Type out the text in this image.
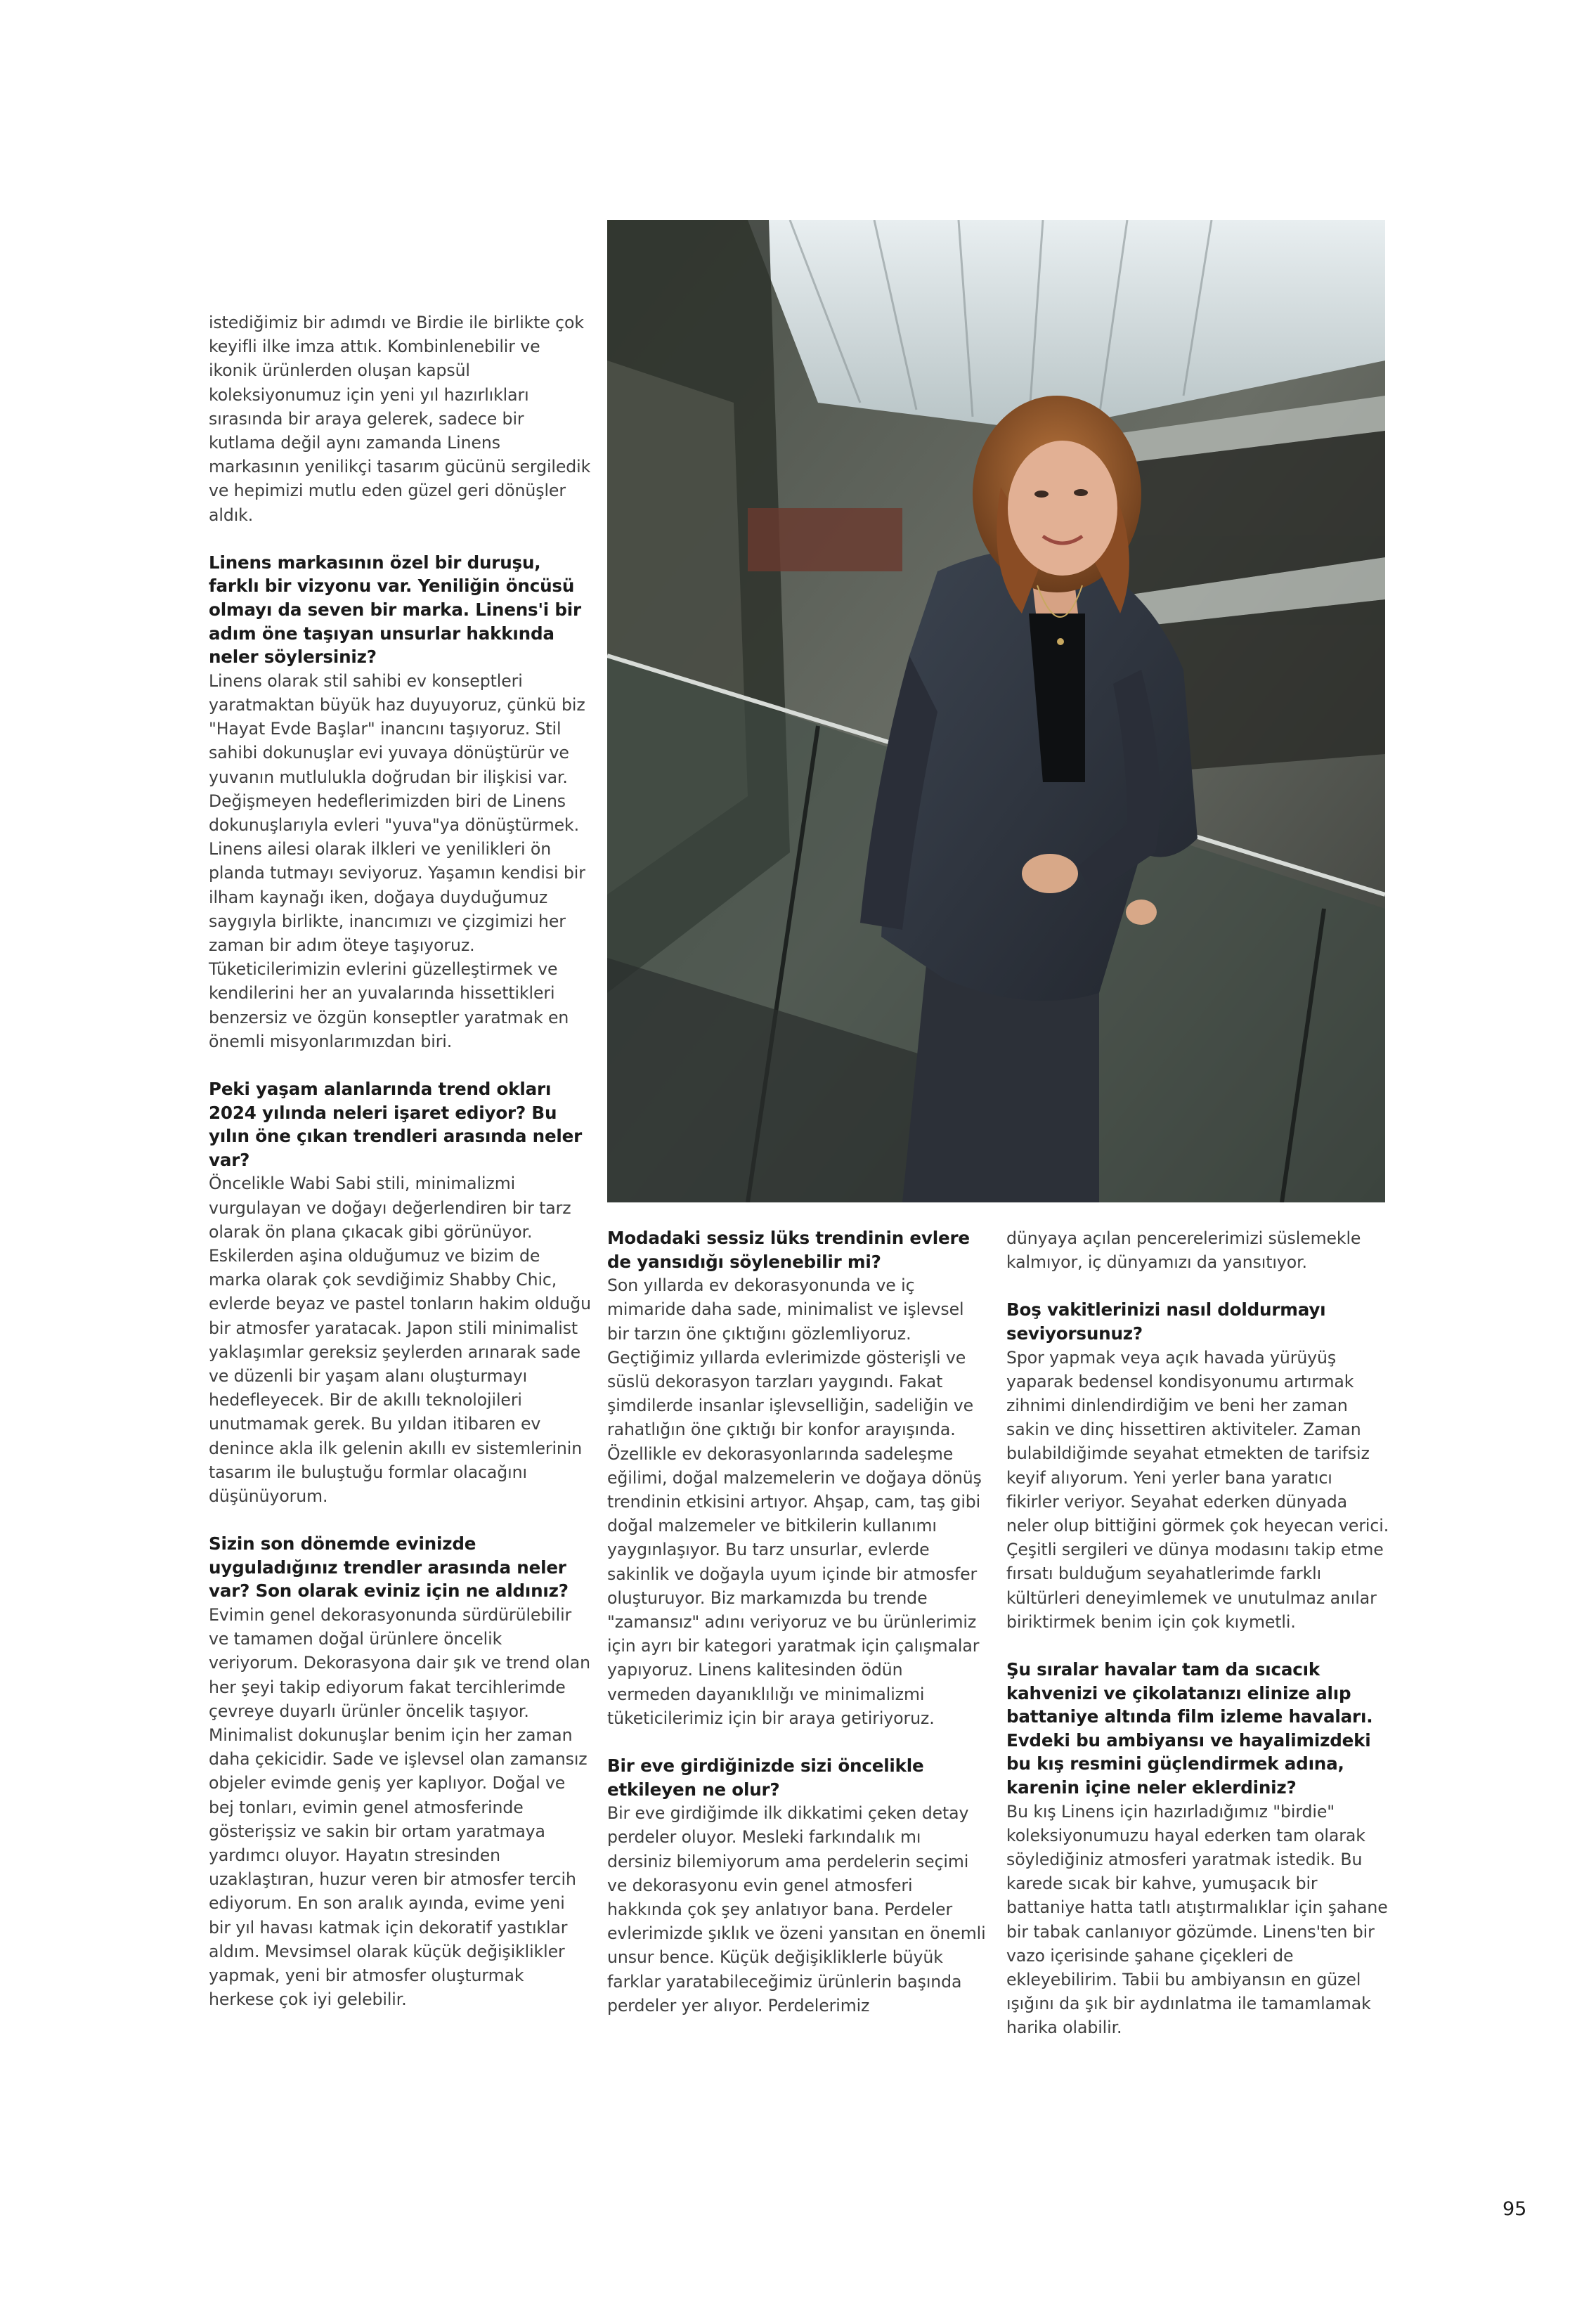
istediğimiz bir adımdı ve Birdie ile birlikte çok keyifli ilke imza attık. Kombinlenebilir ve ikonik ürünlerden oluşan kapsül koleksiyonumuz için yeni yıl hazırlıkları sırasında bir araya gelerek, sadece bir kutlama değil aynı zamanda Linens markasının yenilikçi tasarım gücünü sergiledik ve hepimizi mutlu eden güzel geri dönüşler aldık.

Linens markasının özel bir duruşu, farklı bir vizyonu var. Yeniliğin öncüsü olmayı da seven bir marka. Linens'i bir adım öne taşıyan unsurlar hakkında neler söylersiniz?

Linens olarak stil sahibi ev konseptleri yaratmaktan büyük haz duyuyoruz, çünkü biz "Hayat Evde Başlar" inancını taşıyoruz. Stil sahibi dokunuşlar evi yuvaya dönüştürür ve yuvanın mutlulukla doğrudan bir ilişkisi var. Değişmeyen hedeflerimizden biri de Linens dokunuşlarıyla evleri "yuva"ya dönüştürmek. Linens ailesi olarak ilkleri ve yenilikleri ön planda tutmayı seviyoruz. Yaşamın kendisi bir ilham kaynağı iken, doğaya duyduğumuz saygıyla birlikte, inancımızı ve çizgimizi her zaman bir adım öteye taşıyoruz. Tüketicilerimizin evlerini güzelleştirmek ve kendilerini her an yuvalarında hissettikleri benzersiz ve özgün konseptler yaratmak en önemli misyonlarımızdan biri.

Peki yaşam alanlarında trend okları 2024 yılında neleri işaret ediyor? Bu yılın öne çıkan trendleri arasında neler var?

Öncelikle Wabi Sabi stili, minimalizmi vurgulayan ve doğayı değerlendiren bir tarz olarak ön plana çıkacak gibi görünüyor. Eskilerden aşina olduğumuz ve bizim de marka olarak çok sevdiğimiz Shabby Chic, evlerde beyaz ve pastel tonların hakim olduğu bir atmosfer yaratacak. Japon stili minimalist yaklaşımlar gereksiz şeylerden arınarak sade ve düzenli bir yaşam alanı oluşturmayı hedefleyecek. Bir de akıllı teknolojileri unutmamak gerek. Bu yıldan itibaren ev denince akla ilk gelenin akıllı ev sistemlerinin tasarım ile buluştuğu formlar olacağını düşünüyorum.

Sizin son dönemde evinizde uyguladığınız trendler arasında neler var? Son olarak eviniz için ne aldınız?

Evimin genel dekorasyonunda sürdürülebilir ve tamamen doğal ürünlere öncelik veriyorum. Dekorasyona dair şık ve trend olan her şeyi takip ediyorum fakat tercihlerimde çevreye duyarlı ürünler öncelik taşıyor. Minimalist dokunuşlar benim için her zaman daha çekicidir. Sade ve işlevsel olan zamansız objeler evimde geniş yer kaplıyor. Doğal ve bej tonları, evimin genel atmosferinde gösterişsiz ve sakin bir ortam yaratmaya yardımcı oluyor. Hayatın stresinden uzaklaştıran, huzur veren bir atmosfer tercih ediyorum. En son aralık ayında, evime yeni bir yıl havası katmak için dekoratif yastıklar aldım. Mevsimsel olarak küçük değişiklikler yapmak, yeni bir atmosfer oluşturmak herkese çok iyi gelebilir.

Modadaki sessiz lüks trendinin evlere de yansıdığı söylenebilir mi?

Son yıllarda ev dekorasyonunda ve iç mimaride daha sade, minimalist ve işlevsel bir tarzın öne çıktığını gözlemliyoruz. Geçtiğimiz yıllarda evlerimizde gösterişli ve süslü dekorasyon tarzları yaygındı. Fakat şimdilerde insanlar işlevselliğin, sadeliğin ve rahatlığın öne çıktığı bir konfor arayışında. Özellikle ev dekorasyonlarında sadeleşme eğilimi, doğal malzemelerin ve doğaya dönüş trendinin etkisini artıyor. Ahşap, cam, taş gibi doğal malzemeler ve bitkilerin kullanımı yaygınlaşıyor. Bu tarz unsurlar, evlerde sakinlik ve doğayla uyum içinde bir atmosfer oluşturuyor. Biz markamızda bu trende "zamansız" adını veriyoruz ve bu ürünlerimiz için ayrı bir kategori yaratmak için çalışmalar yapıyoruz. Linens kalitesinden ödün vermeden dayanıklılığı ve minimalizmi tüketicilerimiz için bir araya getiriyoruz.

Bir eve girdiğinizde sizi öncelikle etkileyen ne olur?

Bir eve girdiğimde ilk dikkatimi çeken detay perdeler oluyor. Mesleki farkındalık mı dersiniz bilemiyorum ama perdelerin seçimi ve dekorasyonu evin genel atmosferi hakkında çok şey anlatıyor bana. Perdeler evlerimizde şıklık ve özeni yansıtan en önemli unsur bence. Küçük değişikliklerle büyük farklar yaratabileceğimiz ürünlerin başında perdeler yer alıyor. Perdelerimiz

dünyaya açılan pencerelerimizi süslemekle kalmıyor, iç dünyamızı da yansıtıyor.

Boş vakitlerinizi nasıl doldurmayı seviyorsunuz?

Spor yapmak veya açık havada yürüyüş yaparak bedensel kondisyonumu artırmak zihnimi dinlendirdiğim ve beni her zaman sakin ve dinç hissettiren aktiviteler. Zaman bulabildiğimde seyahat etmekten de tarifsiz keyif alıyorum. Yeni yerler bana yaratıcı fikirler veriyor. Seyahat ederken dünyada neler olup bittiğini görmek çok heyecan verici. Çeşitli sergileri ve dünya modasını takip etme fırsatı bulduğum seyahatlerimde farklı kültürleri deneyimlemek ve unutulmaz anılar biriktirmek benim için çok kıymetli.

Şu sıralar havalar tam da sıcacık kahvenizi ve çikolatanızı elinize alıp battaniye altında film izleme havaları. Evdeki bu ambiyansı ve hayalimizdeki bu kış resmini güçlendirmek adına, karenin içine neler eklerdiniz?

Bu kış Linens için hazırladığımız "birdie" koleksiyonumuzu hayal ederken tam olarak söylediğiniz atmosferi yaratmak istedik. Bu karede sıcak bir kahve, yumuşacık bir battaniye hatta tatlı atıştırmalıklar için şahane bir tabak canlanıyor gözümde. Linens'ten bir vazo içerisinde şahane çiçekleri de ekleyebilirim. Tabii bu ambiyansın en güzel ışığını da şık bir aydınlatma ile tamamlamak harika olabilir.

95
